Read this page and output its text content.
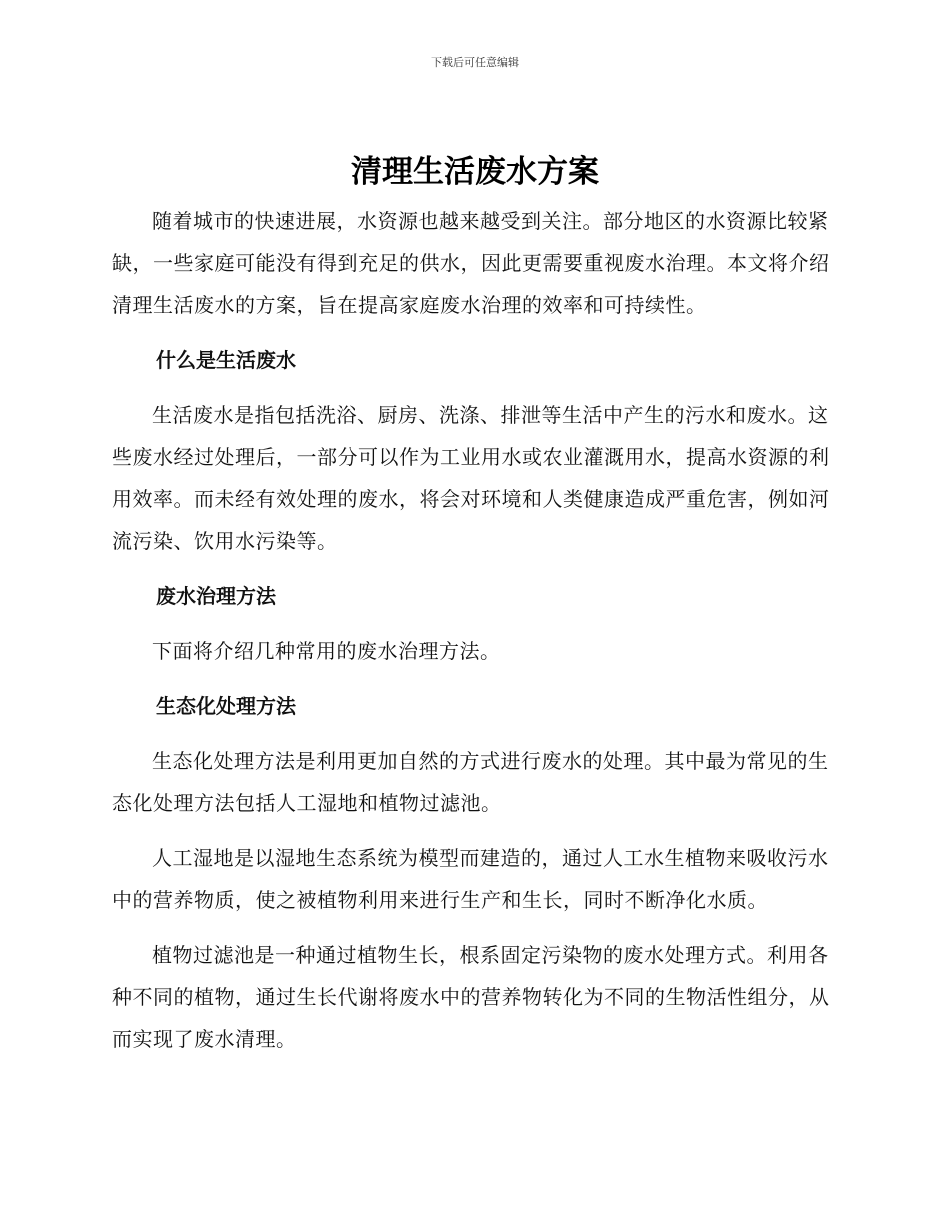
下载后可任意编辑
清理生活废水方案

随着城市的快速进展，水资源也越来越受到关注。部分地区的水资源比较紧缺，一些家庭可能没有得到充足的供水，因此更需要重视废水治理。本文将介绍清理生活废水的方案，旨在提高家庭废水治理的效率和可持续性。

什么是生活废水

生活废水是指包括洗浴、厨房、洗涤、排泄等生活中产生的污水和废水。这些废水经过处理后，一部分可以作为工业用水或农业灌溉用水，提高水资源的利用效率。而未经有效处理的废水，将会对环境和人类健康造成严重危害，例如河流污染、饮用水污染等。

废水治理方法

下面将介绍几种常用的废水治理方法。

生态化处理方法

生态化处理方法是利用更加自然的方式进行废水的处理。其中最为常见的生态化处理方法包括人工湿地和植物过滤池。

人工湿地是以湿地生态系统为模型而建造的，通过人工水生植物来吸收污水中的营养物质，使之被植物利用来进行生产和生长，同时不断净化水质。

植物过滤池是一种通过植物生长，根系固定污染物的废水处理方式。利用各种不同的植物，通过生长代谢将废水中的营养物转化为不同的生物活性组分，从而实现了废水清理。
